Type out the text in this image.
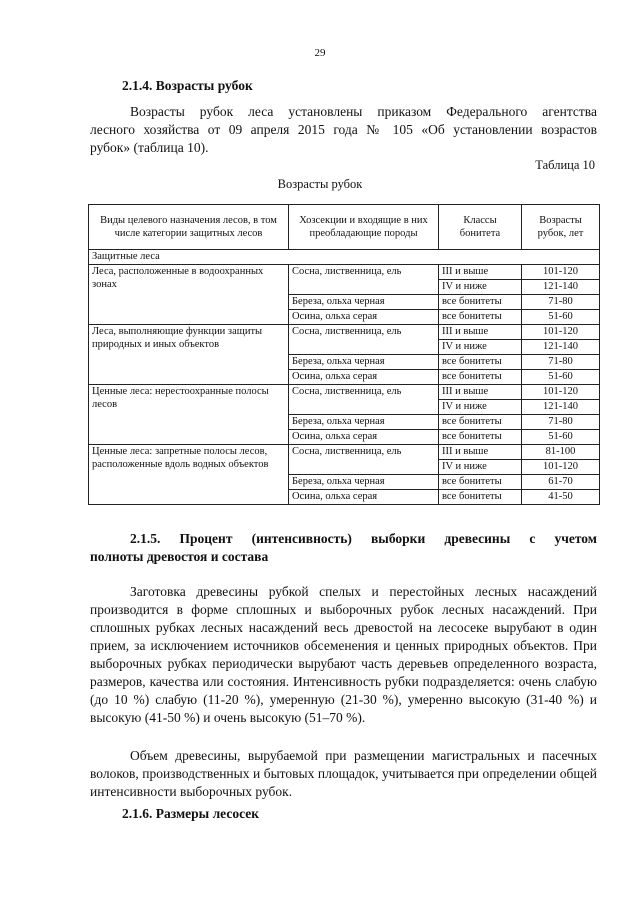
29
2.1.4. Возрасты рубок
Возрасты рубок леса установлены приказом Федерального агентства
лесного хозяйства от 09 апреля 2015 года № 105 «Об установлении возрастов
рубок» (таблица 10).
Таблица 10
Возрасты рубок
Виды целевого назначения лесов, в том числе категории защитных лесов	Хозсекции и входящие в них преобладающие породы	Классы бонитета	Возрасты рубок, лет
Защитные леса			
Леса, расположенные в водоохранных зонах	Сосна, лиственница, ель	III и выше	101-120
		IV и ниже	121-140
	Береза, ольха черная	все бонитеты	71-80
	Осина, ольха серая	все бонитеты	51-60
Леса, выполняющие функции защиты природных и иных объектов	Сосна, лиственница, ель	III и выше	101-120
		IV и ниже	121-140
	Береза, ольха черная	все бонитеты	71-80
	Осина, ольха серая	все бонитеты	51-60
Ценные леса: нерестоохранные полосы лесов	Сосна, лиственница, ель	III и выше	101-120
		IV и ниже	121-140
	Береза, ольха черная	все бонитеты	71-80
	Осина, ольха серая	все бонитеты	51-60
Ценные леса: запретные полосы лесов, расположенные вдоль водных объектов	Сосна, лиственница, ель	III и выше	81-100
		IV и ниже	101-120
	Береза, ольха черная	все бонитеты	61-70
	Осина, ольха серая	все бонитеты	41-50
2.1.5. Процент (интенсивность) выборки древесины с учетом
полноты древостоя и состава
Заготовка древесины рубкой спелых и перестойных лесных насаждений производится в форме сплошных и выборочных рубок лесных насаждений. При сплошных рубках лесных насаждений весь древостой на лесосеке вырубают в один прием, за исключением источников обсеменения и ценных природных объектов. При выборочных рубках периодически вырубают часть деревьев определенного возраста, размеров, качества или состояния. Интенсивность рубки подразделяется: очень слабую (до 10 %) слабую (11-20 %), умеренную (21-30 %), умеренно высокую (31-40 %) и высокую (41-50 %) и очень высокую (51–70 %).
Объем древесины, вырубаемой при размещении магистральных и пасечных волоков, производственных и бытовых площадок, учитывается при определении общей интенсивности выборочных рубок.
2.1.6. Размеры лесосек
